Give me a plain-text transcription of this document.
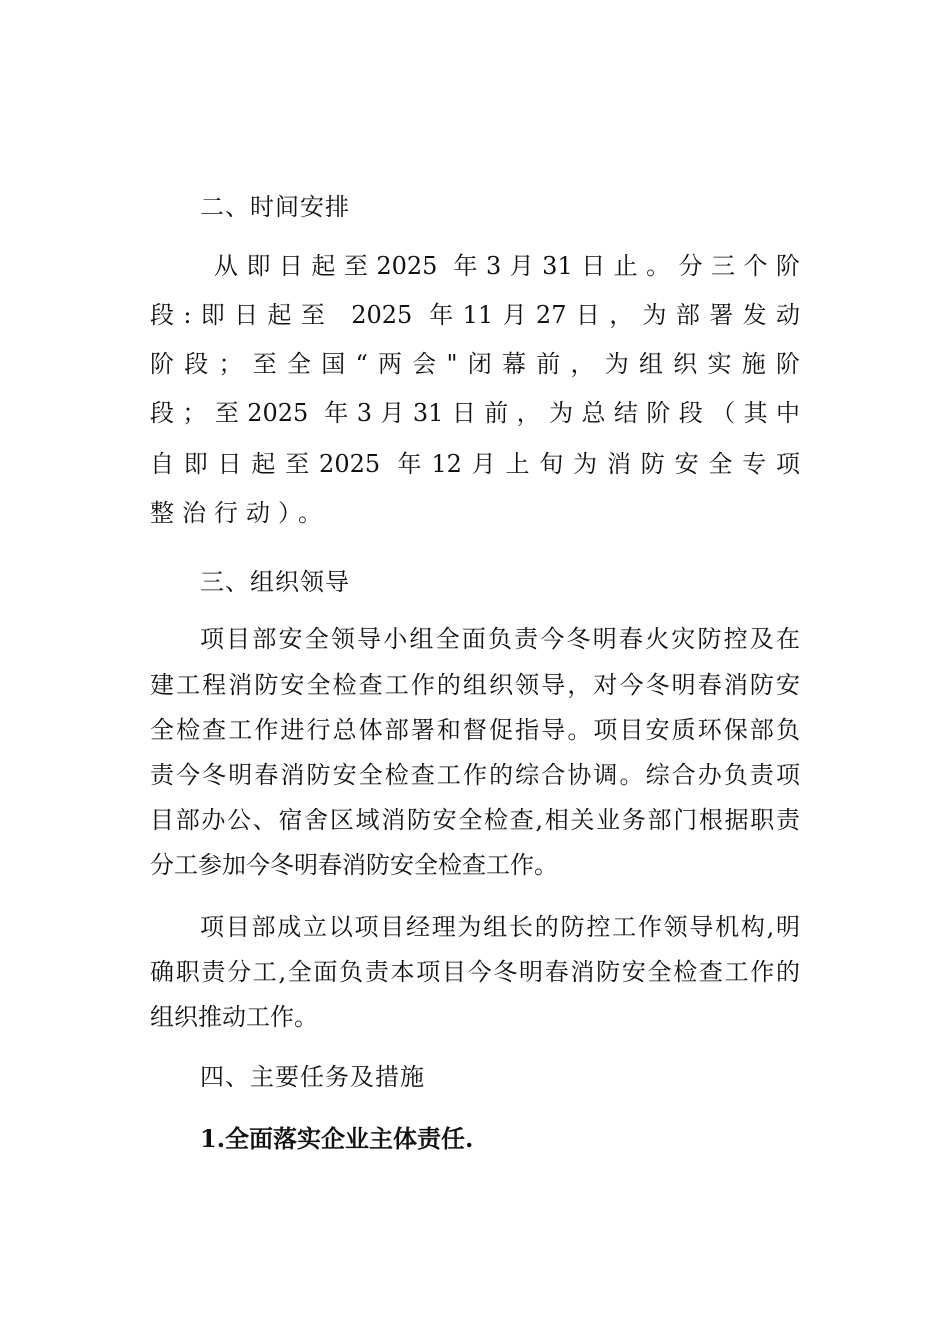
二、时间安排
从即日起至2025 年3月31日止。分三个阶
段:即日起至 2025 年11月27日，为部署发动
阶段；至全国“两会"闭幕前，为组织实施阶
段；至2025 年3月31日前，为总结阶段（其中
自即日起至2025 年12月上旬为消防安全专项
整治行动）。
三、组织领导
项目部安全领导小组全面负责今冬明春火灾防控及在
建工程消防安全检查工作的组织领导，对今冬明春消防安
全检查工作进行总体部署和督促指导。项目安质环保部负
责今冬明春消防安全检查工作的综合协调。综合办负责项
目部办公、宿舍区域消防安全检查,相关业务部门根据职责
分工参加今冬明春消防安全检查工作。
项目部成立以项目经理为组长的防控工作领导机构,明
确职责分工,全面负责本项目今冬明春消防安全检查工作的
组织推动工作。
四、主要任务及措施
1.全面落实企业主体责任.
